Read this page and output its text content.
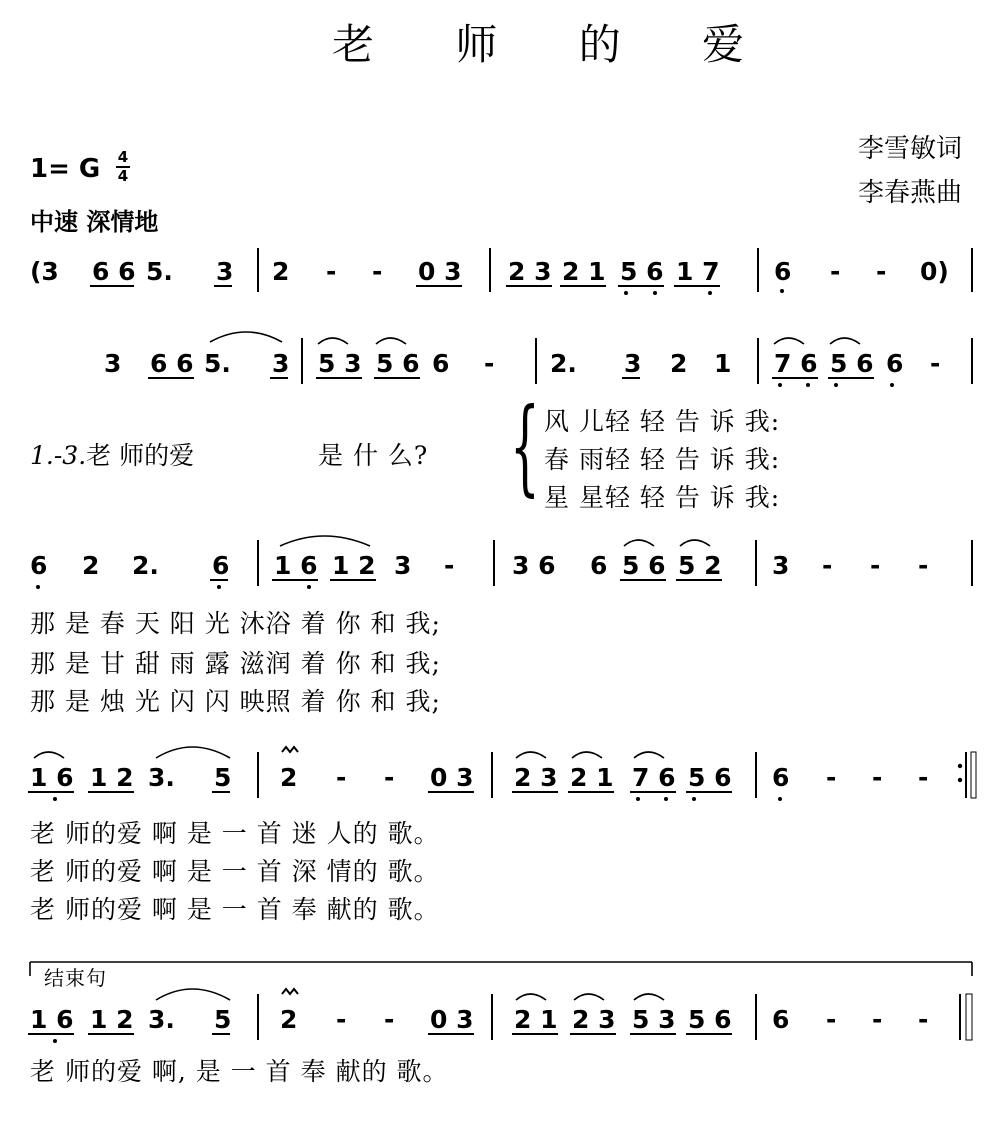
老 师 的 爱
李雪敏词
李春燕曲
1= G 4
4
中速 深情地
(3 6 6 5. 3 2 - - 0 3 2 3 2 1 5 6 1 7 6 - - 0)
3 6 6 5. 3 5 3 5 6 6 - 2. 3 2 1 7 6 5 6 6 -
6 2 2. 6 1 6 1 2 3 - 3 6 6 5 6 5 2 3 - - -
1 6 1 2 3. 5 2 - - 0 3 2 3 2 1 7 6 5 6 6 - - -
1 6 1 2 3. 5 2 - - 0 3 2 1 2 3 5 3 5 6 6 - - -
1.-3.老 师的爱	是 什 么? { 风 儿轻 轻 告 诉 我:
春 雨轻 轻 告 诉 我:
星 星轻 轻 告 诉 我:
那 是 春 天 阳 光 沐浴 着 你 和 我;
那 是 甘 甜 雨 露 滋润 着 你 和 我;
那 是 烛 光 闪 闪 映照 着 你 和 我;
老 师的爱 啊 是 一 首 迷 人的 歌。
老 师的爱 啊 是 一 首 深 情的 歌。
老 师的爱 啊 是 一 首 奉 献的 歌。
结束句
老 师的爱 啊, 是 一 首 奉 献的 歌。
